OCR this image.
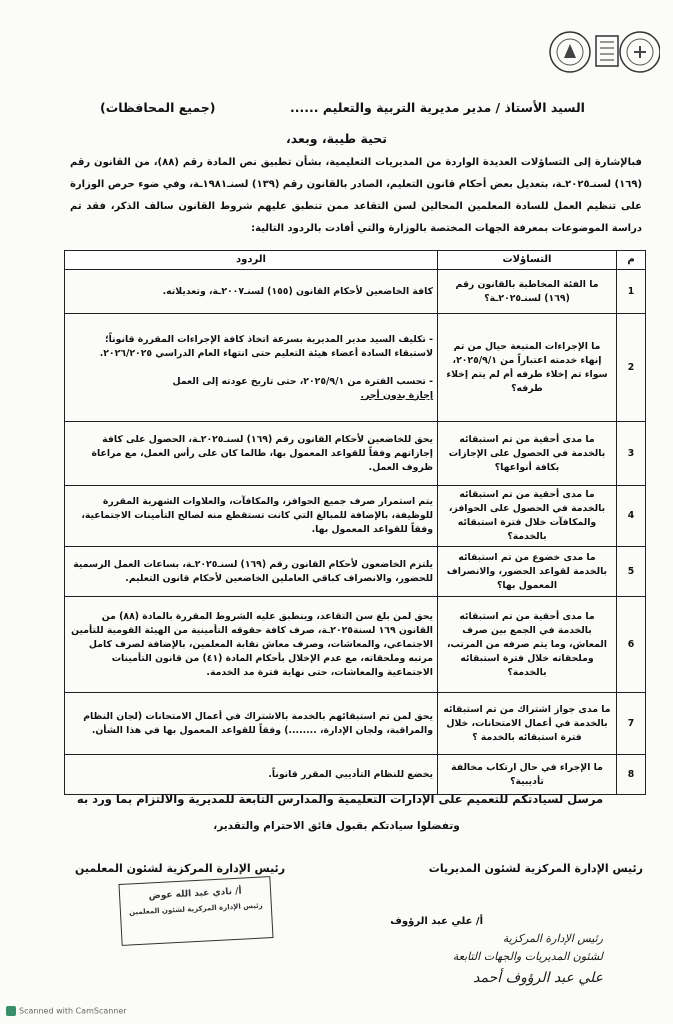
السيد الأستاذ / مدير مديرية التربية والتعليم ......
(جميع المحافظات)
تحية طيبة، وبعد،
فبالإشارة إلى التساؤلات العديدة الواردة من المديريات التعليمية، بشأن تطبيق نص المادة رقم (٨٨)، من القانون رقم (١٦٩) لسنـ٢٠٢٥ـة، بتعديل بعض أحكام قانون التعليم، الصادر بالقانون رقم (١٣٩) لسنـ١٩٨١ـة، وفي ضوء حرص الوزارة على تنظيم العمل للسادة المعلمين المحالين لسن التقاعد ممن تنطبق عليهم شروط القانون سالف الذكر، فقد تم دراسة الموضوعات بمعرفة الجهات المختصة بالوزارة والتي أفادت بالردود التالية:
م	التساؤلات	الردود
1	ما الفئة المخاطبة بالقانون رقم (١٦٩) لسنـ٢٠٢٥ـة؟	كافة الخاضعين لأحكام القانون (١٥٥) لسنـ٢٠٠٧ـة، وتعديلاته.
2	ما الإجراءات المتبعة حيال من تم إنهاء خدمته اعتباراً من ٢٠٢٥/٩/١، سواء تم إخلاء طرفه أم لم يتم إخلاء طرفه؟	- تكليف السيد مدير المديرية بسرعة اتخاذ كافة الإجراءات المقررة قانوناً؛ لاستبقاء السادة أعضاء هيئة التعليم حتى انتهاء العام الدراسي ٢٠٢٦/٢٠٢٥.
- تحسب الفترة من ٢٠٢٥/٩/١، حتى تاريخ عودته إلى العمل
إجازة بدون أجر.

3	ما مدى أحقية من تم استبقائه بالخدمة في الحصول على الإجازات بكافة أنواعها؟	يحق للخاضعين لأحكام القانون رقم (١٦٩) لسنـ٢٠٢٥ـة، الحصول على كافة إجازاتهم وفقاً للقواعد المعمول بها، طالما كان على رأس العمل، مع مراعاة ظروف العمل.
4	ما مدى أحقية من تم استبقائه بالخدمة في الحصول على الحوافز، والمكافآت خلال فترة استبقائه بالخدمة؟	يتم استمرار صرف جميع الحوافز، والمكافآت، والعلاوات الشهرية المقررة للوظيفة، بالإضافة للمبالغ التي كانت تستقطع منه لصالح التأمينات الاجتماعية، وفقاً للقواعد المعمول بها.
5	ما مدى خضوع من تم استبقائه بالخدمة لقواعد الحضور، والانصراف المعمول بها؟	يلتزم الخاضعون لأحكام القانون رقم (١٦٩) لسنـ٢٠٢٥ـة، بساعات العمل الرسمية للحضور، والانصراف كباقي العاملين الخاضعين لأحكام قانون التعليم.
6	ما مدى أحقية من تم استبقائه بالخدمة في الجمع بين صرف المعاش، وما يتم صرفه من المرتب، وملحقاته خلال فترة استبقائه بالخدمة؟	يحق لمن بلغ سن التقاعد، وينطبق عليه الشروط المقررة بالمادة (٨٨) من القانون ١٦٩ لسنة٢٠٢٥ـة، صرف كافة حقوقه التأمينية من الهيئة القومية للتأمين الاجتماعي، والمعاشات، وصرف معاش نقابة المعلمين، بالإضافة لصرف كامل مرتبه وملحقاته، مع عدم الإخلال بأحكام المادة (٤١) من قانون التأمينات الاجتماعية والمعاشات، حتى نهاية فترة مد الخدمة.
7	ما مدى جواز اشتراك من تم استبقائه بالخدمة في أعمال الامتحانات، خلال فترة استبقائه بالخدمة ؟	يحق لمن تم استبقائهم بالخدمة بالاشتراك في أعمال الامتحانات (لجان النظام والمراقبة، ولجان الإدارة، ........) وفقاً للقواعد المعمول بها في هذا الشأن.
8	ما الإجراء في حال ارتكاب مخالفة تأديبية؟	يخضع للنظام التأديبي المقرر قانوناً.
مرسل لسيادتكم للتعميم على الإدارات التعليمية والمدارس التابعة للمديرية والالتزام بما ورد به
وتفضلوا سيادتكم بقبول فائق الاحترام والتقدير،
رئيس الإدارة المركزية لشئون المديريات
رئيس الإدارة المركزية لشئون المعلمين
أ/ نادي عبد الله عوض
رئيس الإدارة المركزية لشئون المعلمين
أ/ علي عبد الرؤوف
رئيس الإدارة المركزية
لشئون المديريات والجهات التابعة
علي عبد الرؤوف أحمد
Scanned with CamScanner
